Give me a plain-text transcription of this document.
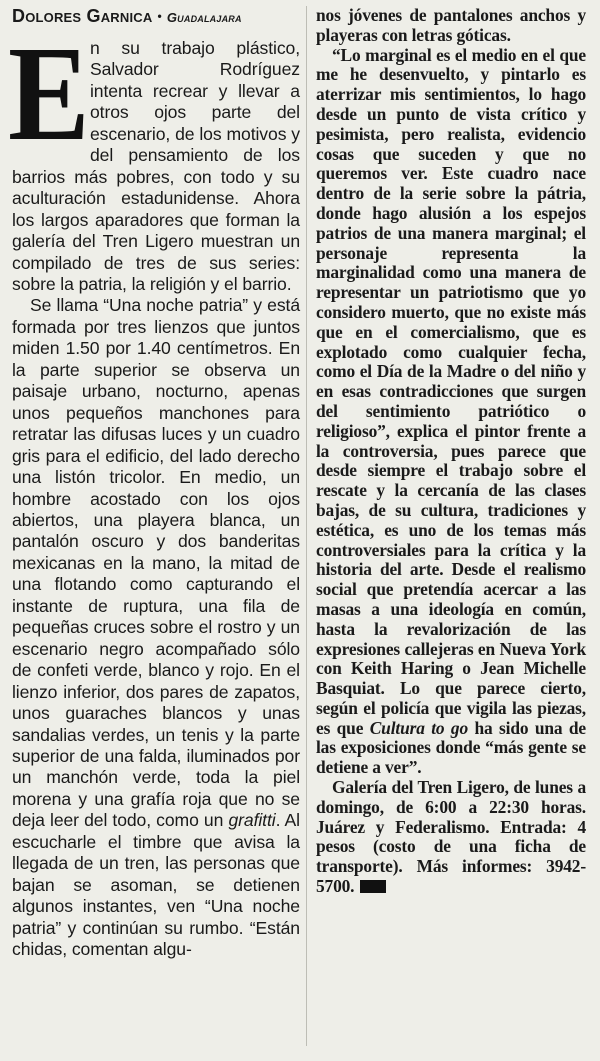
Dolores Garnica • Guadalajara

En su trabajo plástico, Salvador Rodríguez intenta recrear y llevar a otros ojos parte del escenario, de los motivos y del pensamiento de los barrios más pobres, con todo y su aculturación estadunidense. Ahora los largos aparadores que forman la galería del Tren Ligero muestran un compilado de tres de sus series: sobre la patria, la religión y el barrio.

Se llama “Una noche patria” y está formada por tres lienzos que juntos miden 1.50 por 1.40 centímetros. En la parte superior se observa un paisaje urbano, nocturno, apenas unos pequeños manchones para retratar las difusas luces y un cuadro gris para el edificio, del lado derecho una listón tricolor. En medio, un hombre acostado con los ojos abiertos, una playera blanca, un pantalón oscuro y dos banderitas mexicanas en la mano, la mitad de una flotando como capturando el instante de ruptura, una fila de pequeñas cruces sobre el rostro y un escenario negro acompañado sólo de confeti verde, blanco y rojo. En el lienzo inferior, dos pares de zapatos, unos guaraches blancos y unas sandalias verdes, un tenis y la parte superior de una falda, iluminados por un manchón verde, toda la piel morena y una grafía roja que no se deja leer del todo, como un grafitti. Al escucharle el timbre que avisa la llegada de un tren, las personas que bajan se asoman, se detienen algunos instantes, ven “Una noche patria” y continúan su rumbo. “Están chidas, comentan algu-

nos jóvenes de pantalones anchos y playeras con letras góticas.

“Lo marginal es el medio en el que me he desenvuelto, y pintarlo es aterrizar mis sentimientos, lo hago desde un punto de vista crítico y pesimista, pero realista, evidencio cosas que suceden y que no queremos ver. Este cuadro nace dentro de la serie sobre la pátria, donde hago alusión a los espejos patrios de una manera marginal; el personaje representa la marginalidad como una manera de representar un patriotismo que yo considero muerto, que no existe más que en el comercialismo, que es explotado como cualquier fecha, como el Día de la Madre o del niño y en esas contradicciones que surgen del sentimiento patriótico o religioso”, explica el pintor frente a la controversia, pues parece que desde siempre el trabajo sobre el rescate y la cercanía de las clases bajas, de su cultura, tradiciones y estética, es uno de los temas más controversiales para la crítica y la historia del arte. Desde el realismo social que pretendía acercar a las masas a una ideología en común, hasta la revalorización de las expresiones callejeras en Nueva York con Keith Haring o Jean Michelle Basquiat. Lo que parece cierto, según el policía que vigila las piezas, es que Cultura to go ha sido una de las exposiciones donde “más gente se detiene a ver”.

Galería del Tren Ligero, de lunes a domingo, de 6:00 a 22:30 horas. Juárez y Federalismo. Entrada: 4 pesos (costo de una ficha de transporte). Más informes: 3942-5700.
